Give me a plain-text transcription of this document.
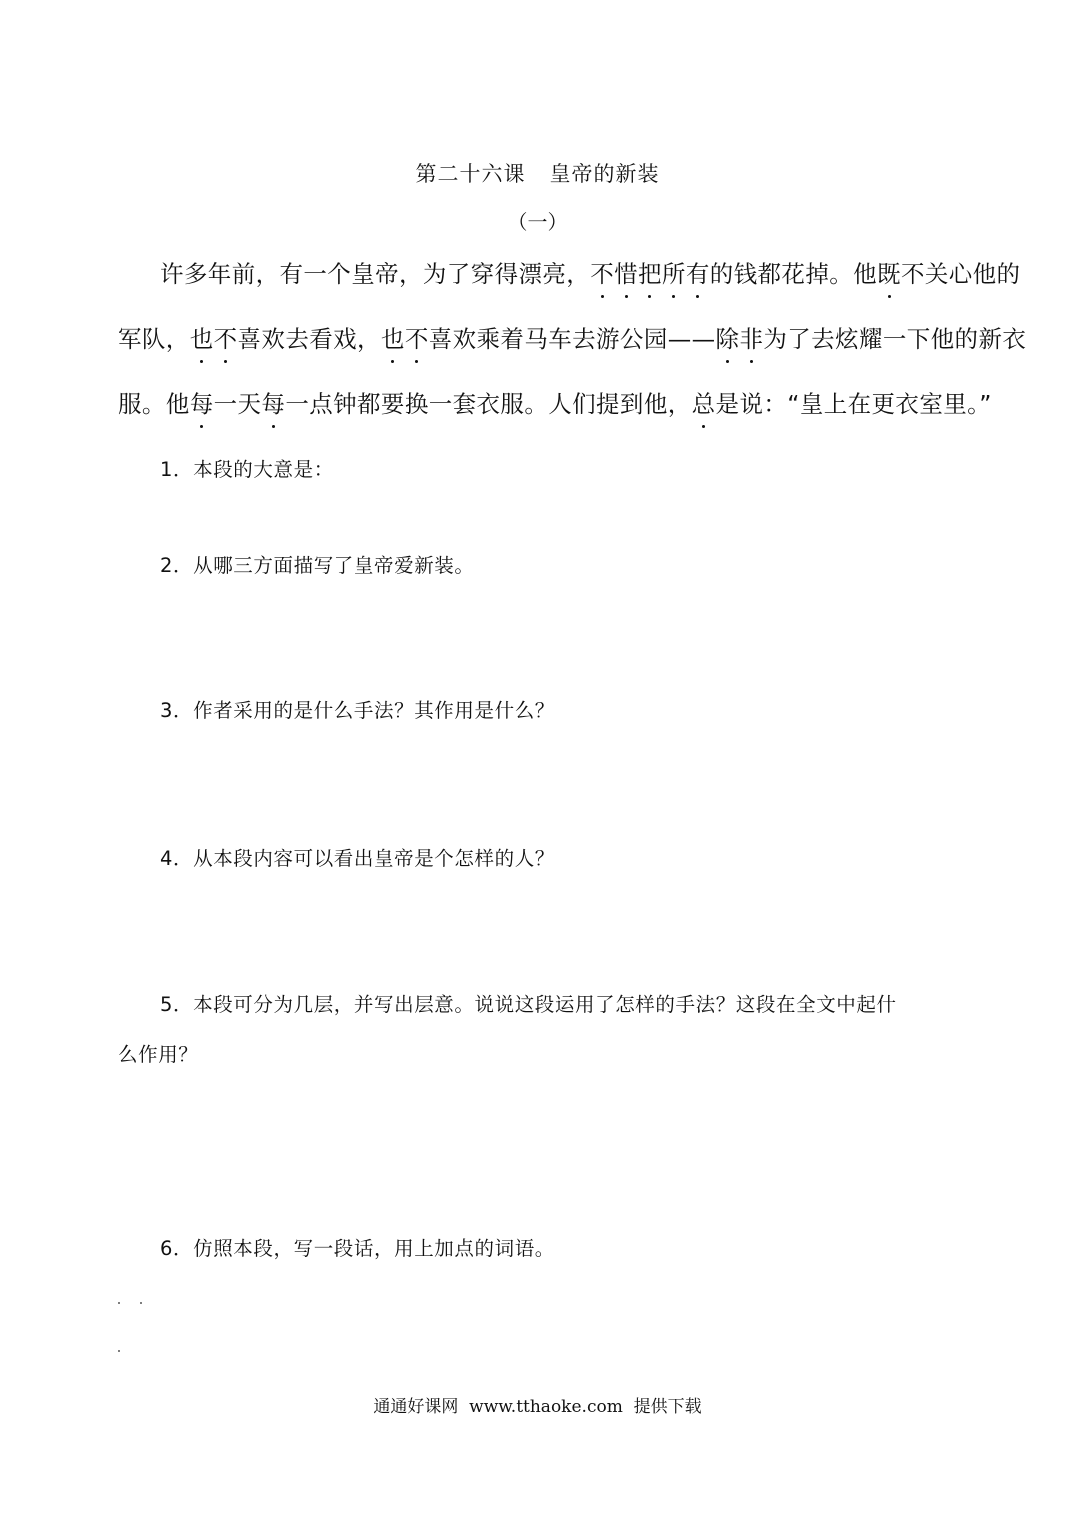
第二十六课 皇帝的新装
（一）
许多年前，有一个皇帝，为了穿得漂亮，不惜把所有的钱都花掉。他既不关心他的
军队，也不喜欢去看戏，也不喜欢乘着马车去游公园——除非为了去炫耀一下他的新衣
服。他每一天每一点钟都要换一套衣服。人们提到他，总是说：“皇上在更衣室里。”
1．本段的大意是：
2．从哪三方面描写了皇帝爱新装。
3．作者采用的是什么手法？其作用是什么？
4．从本段内容可以看出皇帝是个怎样的人？
5．本段可分为几层，并写出层意。说说这段运用了怎样的手法？这段在全文中起什
么作用？
6．仿照本段，写一段话，用上加点的词语。
通通好课网 www.tthaoke.com 提供下载
